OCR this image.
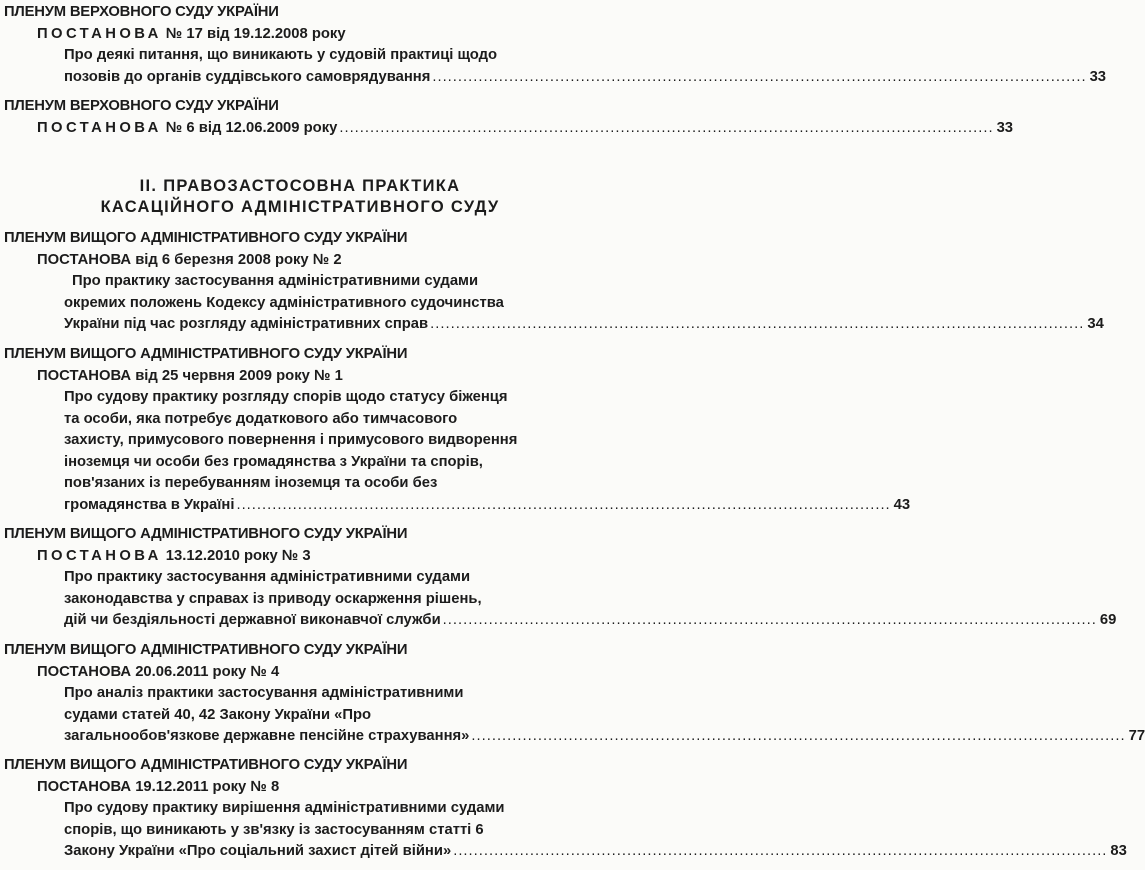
ПЛЕНУМ ВЕРХОВНОГО СУДУ УКРАЇНИ
ПОСТАНОВА № 17 від 19.12.2008 року
Про деякі питання, що виникають у судовій практиці щодо
позовів до органів суддівського самоврядування ................................................................................................................................ 33
ПЛЕНУМ ВЕРХОВНОГО СУДУ УКРАЇНИ
ПОСТАНОВА № 6 від 12.06.2009 року ................................................................................................................................ 33
ІІ. ПРАВОЗАСТОСОВНА ПРАКТИКА
КАСАЦІЙНОГО АДМІНІСТРАТИВНОГО СУДУ
ПЛЕНУМ ВИЩОГО АДМІНІСТРАТИВНОГО СУДУ УКРАЇНИ
ПОСТАНОВА від 6 березня 2008 року № 2
Про практику застосування адміністративними судами
окремих положень Кодексу адміністративного судочинства
України під час розгляду адміністративних справ ................................................................................................................................ 34
ПЛЕНУМ ВИЩОГО АДМІНІСТРАТИВНОГО СУДУ УКРАЇНИ
ПОСТАНОВА від 25 червня 2009 року № 1
Про судову практику розгляду спорів щодо статусу біженця
та особи, яка потребує додаткового або тимчасового
захисту, примусового повернення і примусового видворення
іноземця чи особи без громадянства з України та спорів,
пов'язаних із перебуванням іноземця та особи без
громадянства в Україні ................................................................................................................................ 43
ПЛЕНУМ ВИЩОГО АДМІНІСТРАТИВНОГО СУДУ УКРАЇНИ
ПОСТАНОВА 13.12.2010 року № 3
Про практику застосування адміністративними судами
законодавства у справах із приводу оскарження рішень,
дій чи бездіяльності державної виконавчої служби ................................................................................................................................ 69
ПЛЕНУМ ВИЩОГО АДМІНІСТРАТИВНОГО СУДУ УКРАЇНИ
ПОСТАНОВА 20.06.2011 року № 4
Про аналіз практики застосування адміністративними
судами статей 40, 42 Закону України «Про
загальнообов'язкове державне пенсійне страхування» ................................................................................................................................ 77
ПЛЕНУМ ВИЩОГО АДМІНІСТРАТИВНОГО СУДУ УКРАЇНИ
ПОСТАНОВА 19.12.2011 року № 8
Про судову практику вирішення адміністративними судами
спорів, що виникають у зв'язку із застосуванням статті 6
Закону України «Про соціальний захист дітей війни» ................................................................................................................................ 83
